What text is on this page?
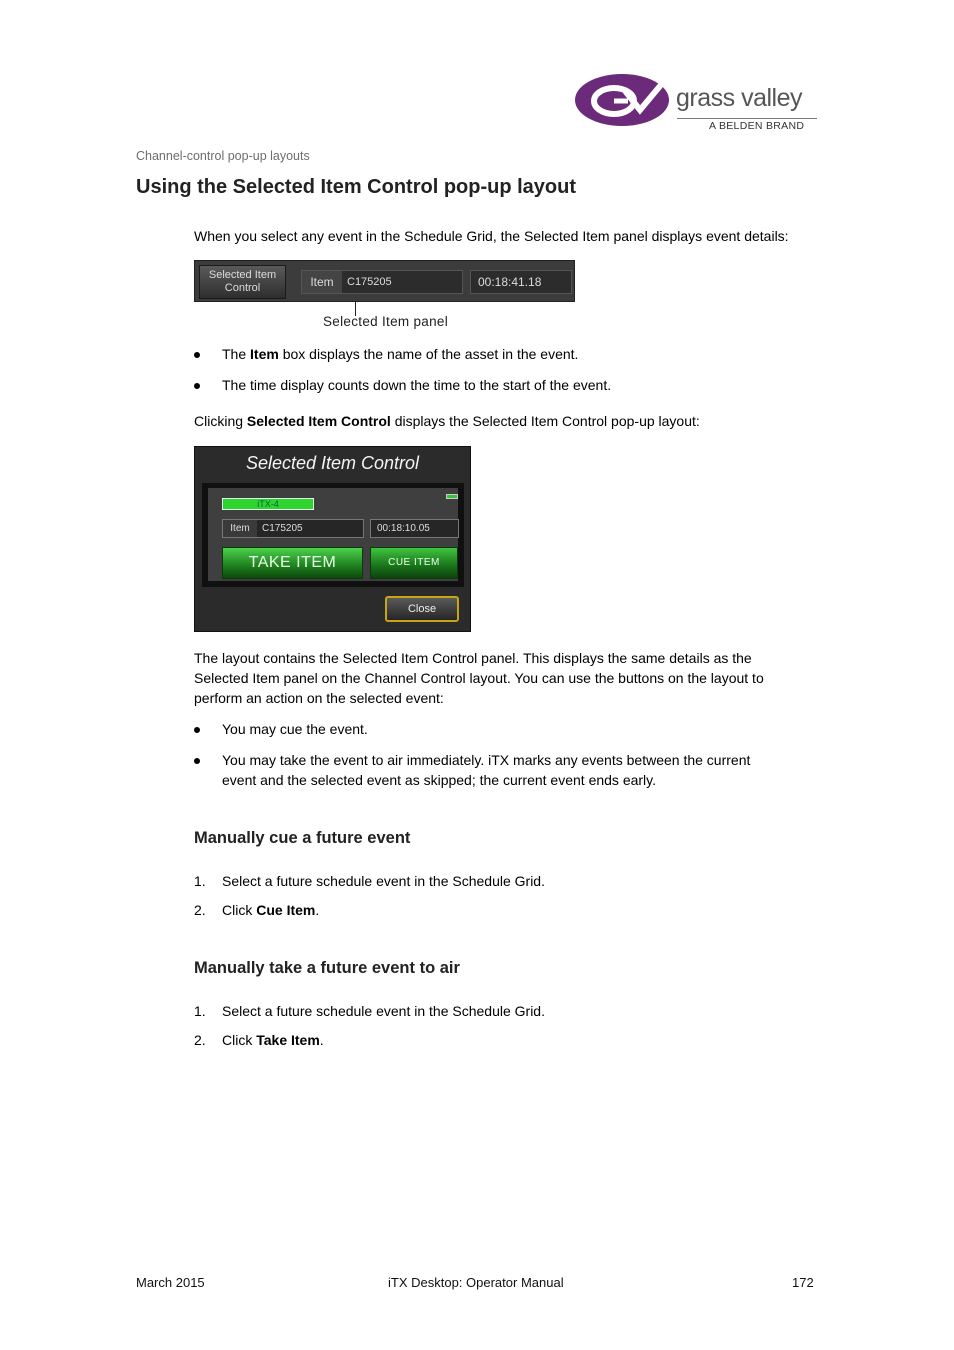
grass valley
A BELDEN BRAND
Channel-control pop-up layouts
Using the Selected Item Control pop-up layout
When you select any event in the Schedule Grid, the Selected Item panel displays event details:
Selected Item
Control	Item	C175205	00:18:41.18
Selected Item panel
The Item box displays the name of the asset in the event.
The time display counts down the time to the start of the event.
Clicking Selected Item Control displays the Selected Item Control pop-up layout:
Selected Item Control
iTX-4
Item	C175205	00:18:10.05
TAKE ITEM	CUE ITEM
Close
The layout contains the Selected Item Control panel. This displays the same details as the Selected Item panel on the Channel Control layout. You can use the buttons on the layout to perform an action on the selected event:
You may cue the event.
You may take the event to air immediately. iTX marks any events between the current event and the selected event as skipped; the current event ends early.
Manually cue a future event
1. Select a future schedule event in the Schedule Grid.
2. Click Cue Item.
Manually take a future event to air
1. Select a future schedule event in the Schedule Grid.
2. Click Take Item.
March 2015	iTX Desktop: Operator Manual	172
